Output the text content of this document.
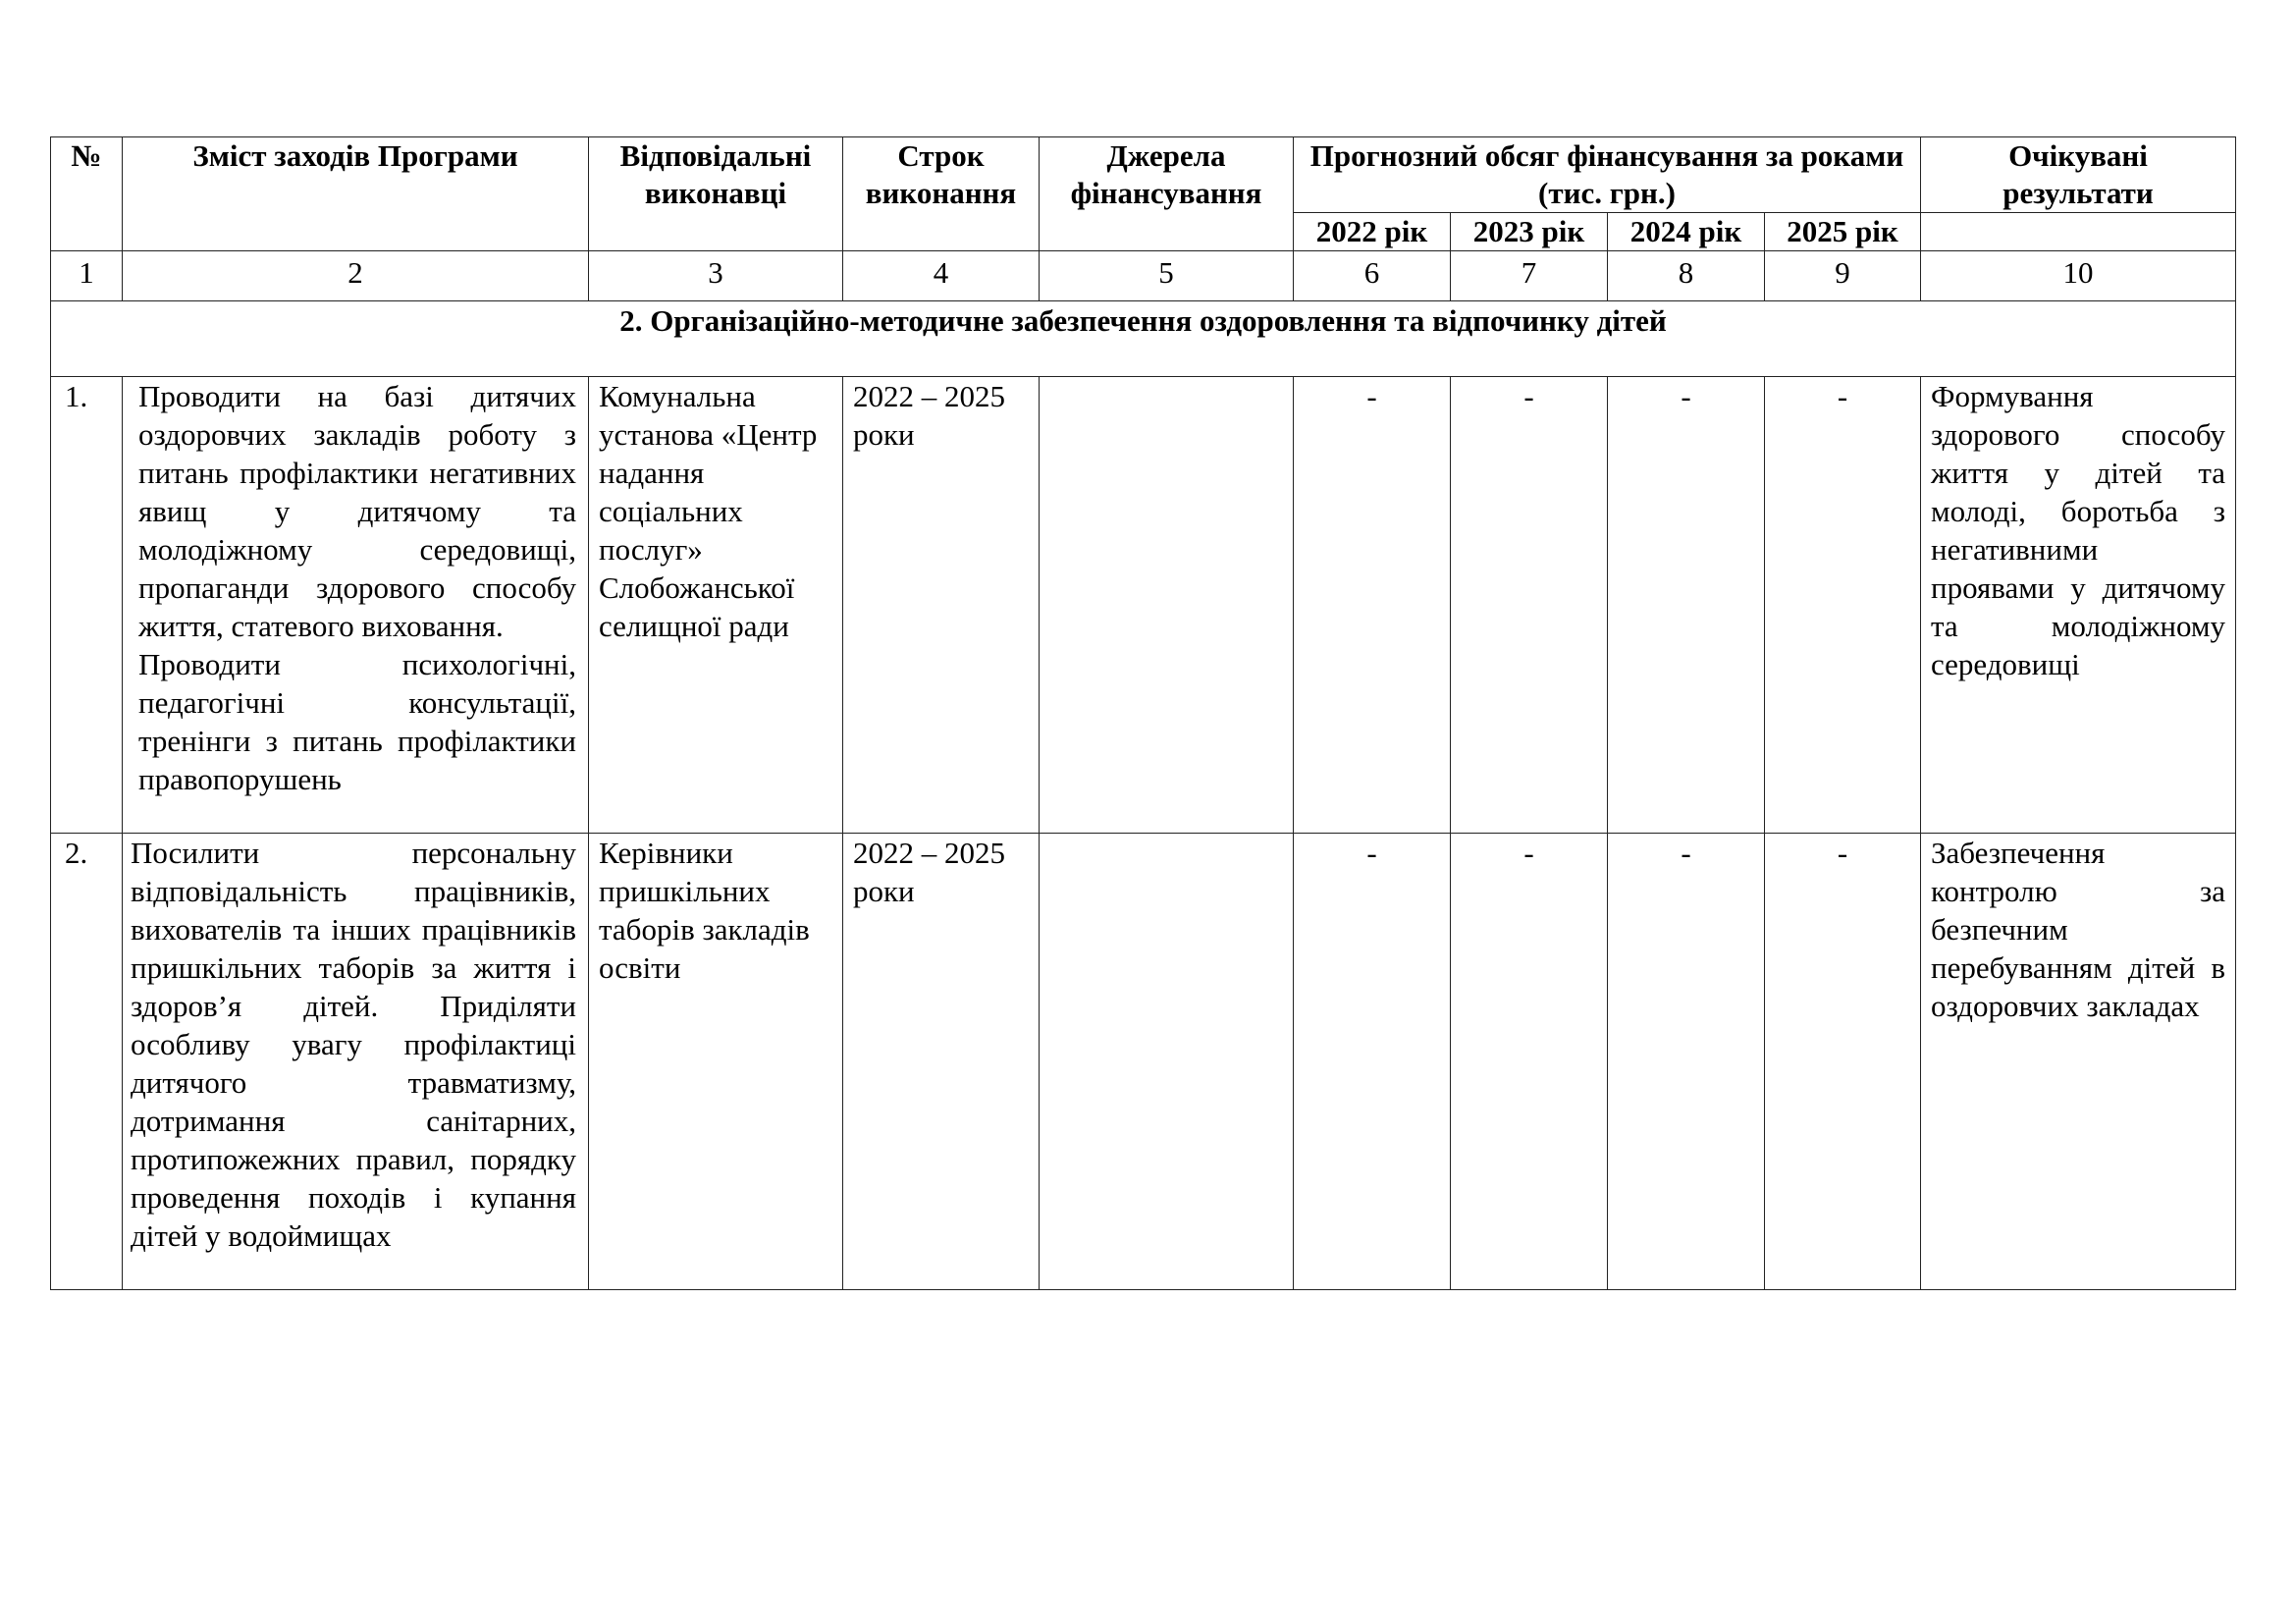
№	Зміст заходів Програми	Відповідальні виконавці	Строк виконання	Джерела фінансування	Прогнозний обсяг фінансування за роками (тис. грн.)				Очікувані результати
					2022 рік	2023 рік	2024 рік	2025 рік	
1	2	3	4	5	6	7	8	9	10
2. Організаційно-методичне забезпечення оздоровлення та відпочинку дітей									
1.	Проводити на базі дитячих оздоровчих закладів роботу з питань профілактики негативних явищ у дитячому та молодіжному середовищі, пропаганди здорового способу життя, статевого виховання.
Проводити психологічні, педагогічні консультації, тренінги з питань профілактики правопорушень	Комунальна установа «Центр надання соціальних послуг» Слобожанської селищної ради	2022 – 2025 роки		-	-	-	-	Формування здорового способу життя у дітей та молоді, боротьба з негативними проявами у дитячому та молодіжному середовищі
2.	Посилити персональну відповідальність працівників, вихователів та інших працівників пришкільних таборів за життя і здоров’я дітей. Приділяти особливу увагу профілактиці дитячого травматизму, дотримання санітарних, протипожежних правил, порядку проведення походів і купання дітей у водоймищах	Керівники пришкільних таборів закладів освіти	2022 – 2025 роки		-	-	-	-	Забезпечення контролю за безпечним перебуванням дітей в оздоровчих закладах
